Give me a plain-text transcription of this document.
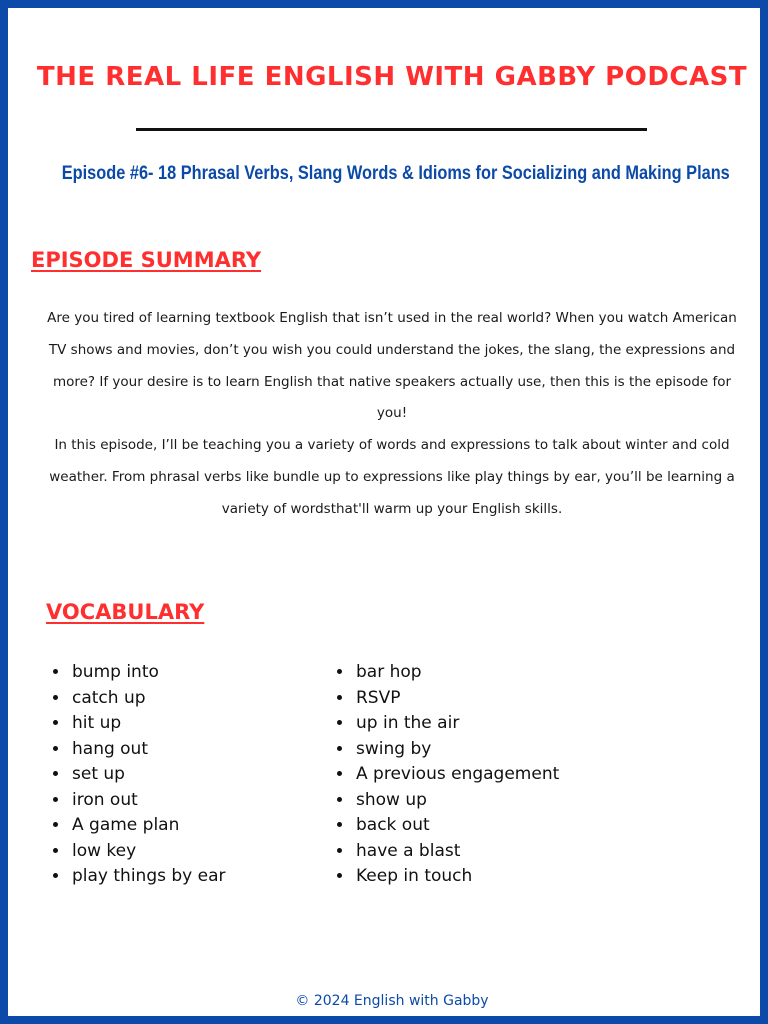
THE REAL LIFE ENGLISH WITH GABBY PODCAST
Episode #6- 18 Phrasal Verbs, Slang Words & Idioms for Socializing and Making Plans
EPISODE SUMMARY

Are you tired of learning textbook English that isn’t used in the real world? When you watch American TV shows and movies, don’t you wish you could understand the jokes, the slang, the expressions and more? If your desire is to learn English that native speakers actually use, then this is the episode for you!

In this episode, I’ll be teaching you a variety of words and expressions to talk about winter and cold weather. From phrasal verbs like bundle up to expressions like play things by ear, you’ll be learning a variety of wordsthat'll warm up your English skills.

VOCABULARY
• bump into
• catch up
• hit up
• hang out
• set up
• iron out
• A game plan
• low key
• play things by ear
• bar hop
• RSVP
• up in the air
• swing by
• A previous engagement
• show up
• back out
• have a blast
• Keep in touch
© 2024 English with Gabby
